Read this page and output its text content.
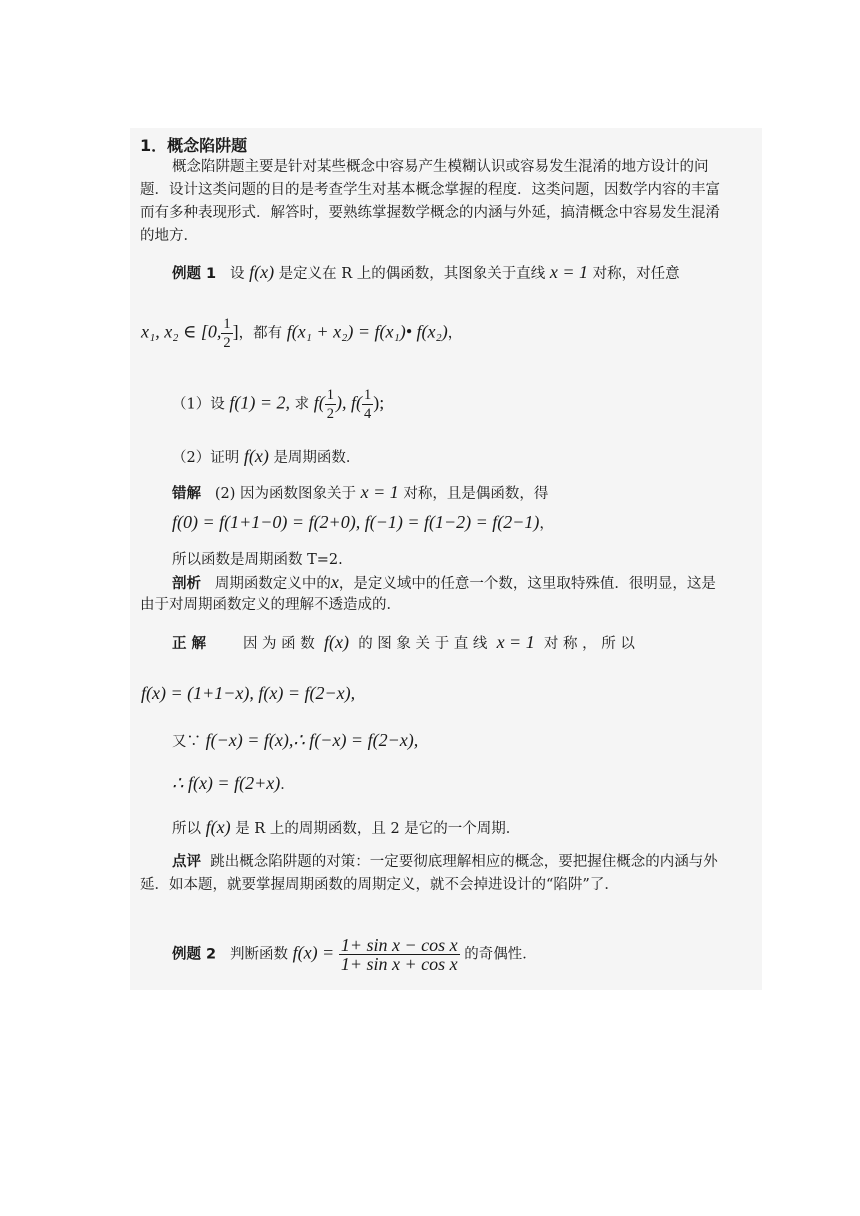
1．概念陷阱题
概念陷阱题主要是针对某些概念中容易产生模糊认识或容易发生混淆的地方设计的问
题．设计这类问题的目的是考查学生对基本概念掌握的程度．这类问题，因数学内容的丰富
而有多种表现形式．解答时，要熟练掌握数学概念的内涵与外延，搞清概念中容易发生混淆
的地方．
例题 1 设 f(x) 是定义在 R 上的偶函数，其图象关于直线 x = 1 对称，对任意
x₁, x₂ ∈ [0, $\frac{1}{2}$ ]，都有 f(x₁ + x₂) = f(x₁)• f(x₂)，
（1）设 f(1) = 2, 求 $f( \frac{1}{2}$ ), $f( \frac{1}{4}$ );
（2）证明 f(x) 是周期函数．
错解 (2) 因为函数图象关于 x = 1 对称，且是偶函数，得
f(0) = f(1+1−0) = f(2+0), f(−1) = f(1−2) = f(2−1)，
所以函数是周期函数 T=2.
剖析 周期函数定义中的x，是定义域中的任意一个数，这里取特殊值．很明显，这是
由于对周期函数定义的理解不透造成的．
正 解	因 为 函 数 f(x) 的 图 象 关 于 直 线 x = 1 对 称 ， 所 以
f(x) = (1+1−x), f(x) = f(2−x),
又∵ f(−x) = f(x),∴ f(−x) = f(2−x),
∴ f(x) = f(2+x)．
所以 f(x) 是 R 上的周期函数，且 2 是它的一个周期．
点评 跳出概念陷阱题的对策：一定要彻底理解相应的概念，要把握住概念的内涵与外
延．如本题，就要掌握周期函数的周期定义，就不会掉进设计的“陷阱”了．
例题 2 判断函数 $f(x) = \frac{\text{1+ sin x − cos x}}{\text{1+ sin x + cos x}}$ 的奇偶性．
